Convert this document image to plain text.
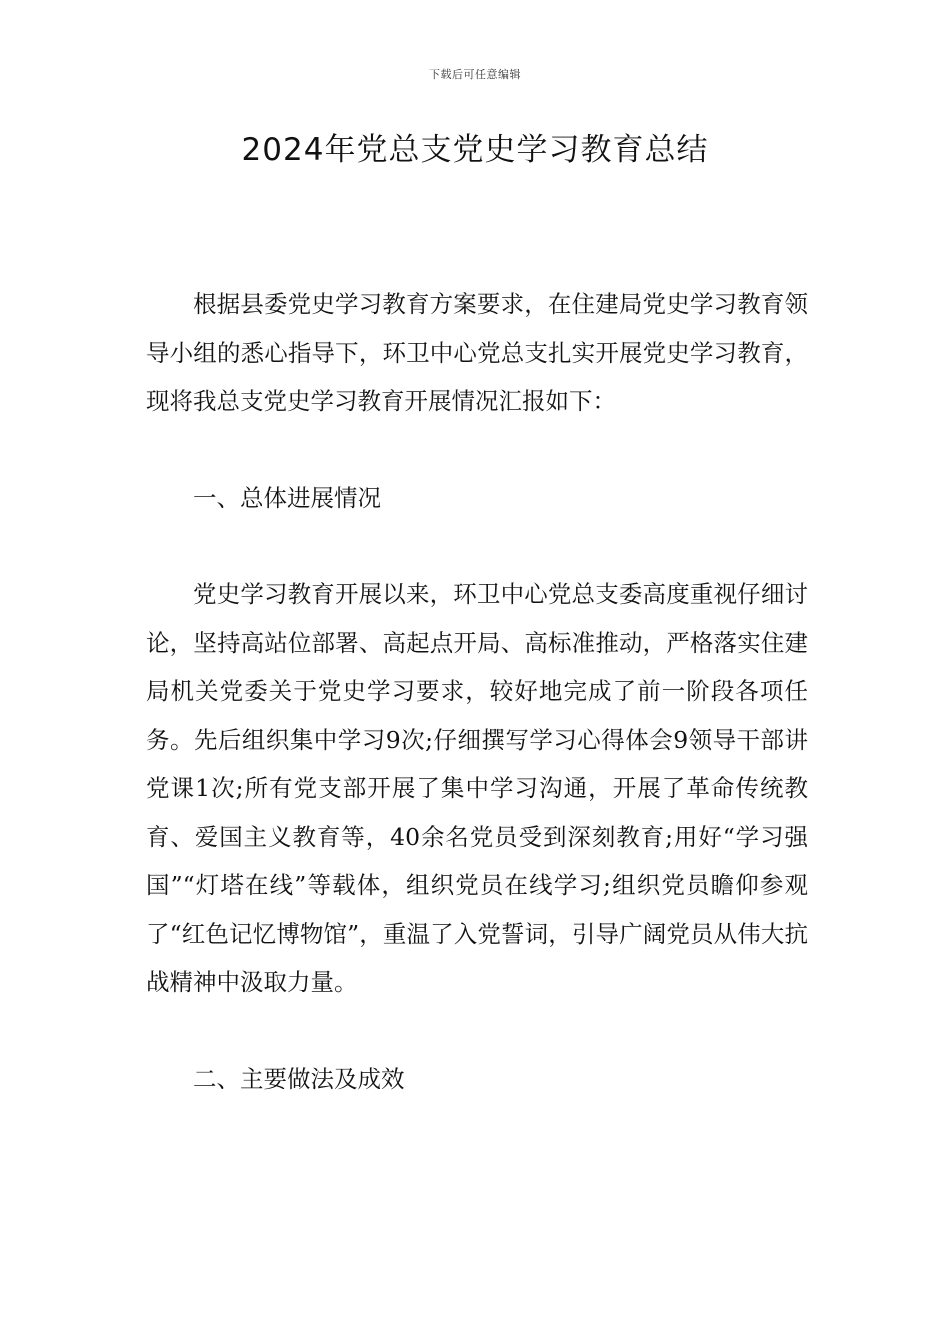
下载后可任意编辑
2024年党总支党史学习教育总结

根据县委党史学习教育方案要求，在住建局党史学习教育领导小组的悉心指导下，环卫中心党总支扎实开展党史学习教育，现将我总支党史学习教育开展情况汇报如下：

一、总体进展情况

党史学习教育开展以来，环卫中心党总支委高度重视仔细讨论，坚持高站位部署、高起点开局、高标准推动，严格落实住建局机关党委关于党史学习要求，较好地完成了前一阶段各项任务。先后组织集中学习9次;仔细撰写学习心得体会9领导干部讲党课1次;所有党支部开展了集中学习沟通，开展了革命传统教育、爱国主义教育等，40余名党员受到深刻教育;用好“学习强国”“灯塔在线”等载体，组织党员在线学习;组织党员瞻仰参观了“红色记忆博物馆”，重温了入党誓词，引导广阔党员从伟大抗战精神中汲取力量。

二、主要做法及成效
